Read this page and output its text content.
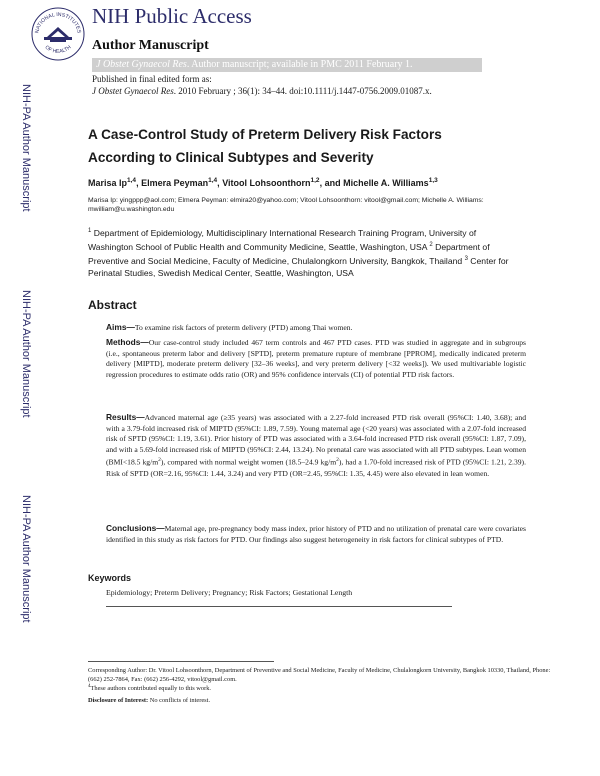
NATIONAL INSTITUTES
OF HEALTH
NIH Public Access
Author Manuscript
J Obstet Gynaecol Res. Author manuscript; available in PMC 2011 February 1.
Published in final edited form as:
J Obstet Gynaecol Res. 2010 February ; 36(1): 34–44. doi:10.1111/j.1447-0756.2009.01087.x.
NIH-PA Author Manuscript
NIH-PA Author Manuscript
NIH-PA Author Manuscript
A Case-Control Study of Preterm Delivery Risk Factors According to Clinical Subtypes and Severity
Marisa Ip$^{1,4}$, Elmera Peyman$^{1,4}$, Vitool Lohsoonthorn$^{1,2}$, and Michelle A. Williams$^{1,3}$
Marisa Ip: yingppp@aol.com; Elmera Peyman: elmira20@yahoo.com; Vitool Lohsoonthorn: vitool@gmail.com; Michelle A. Williams: mwilliam@u.washington.edu
$^1$ Department of Epidemiology, Multidisciplinary International Research Training Program, University of Washington School of Public Health and Community Medicine, Seattle, Washington, USA $^2$ Department of Preventive and Social Medicine, Faculty of Medicine, Chulalongkorn University, Bangkok, Thailand $^3$ Center for Perinatal Studies, Swedish Medical Center, Seattle, Washington, USA
Abstract
Aims—To examine risk factors of preterm delivery (PTD) among Thai women.
Methods—Our case-control study included 467 term controls and 467 PTD cases. PTD was studied in aggregate and in subgroups (i.e., spontaneous preterm labor and delivery [SPTD], preterm premature rupture of membrane [PPROM], medically indicated preterm delivery [MIPTD], moderate preterm delivery [32–36 weeks], and very preterm delivery [<32 weeks]). We used multivariable logistic regression procedures to estimate odds ratio (OR) and 95% confidence intervals (CI) of potential PTD risk factors.
Results—Advanced maternal age (≥35 years) was associated with a 2.27-fold increased PTD risk overall (95%CI: 1.40, 3.68); and with a 3.79-fold increased risk of MIPTD (95%CI: 1.89, 7.59). Young maternal age (<20 years) was associated with a 2.07-fold increased risk of SPTD (95%CI: 1.19, 3.61). Prior history of PTD was associated with a 3.64-fold increased PTD risk overall (95%CI: 1.87, 7.09), and with a 5.69-fold increased risk of MIPTD (95%CI: 2.44, 13.24). No prenatal care was associated with all PTD subtypes. Lean women (BMI<18.5 $kg/m^2$), compared with normal weight women (18.5–24.9 $kg/m^2$), had a 1.70-fold increased risk of PTD (95%CI: 1.21, 2.39). Risk of SPTD (OR=2.16, 95%CI: 1.44, 3.24) and very PTD (OR=2.45, 95%CI: 1.35, 4.45) were also elevated in lean women.
Conclusions—Maternal age, pre-pregnancy body mass index, prior history of PTD and no utilization of prenatal care were covariates identified in this study as risk factors for PTD. Our findings also suggest heterogeneity in risk factors for clinical subtypes of PTD.
Keywords
Epidemiology; Preterm Delivery; Pregnancy; Risk Factors; Gestational Length
Corresponding Author: Dr. Vitool Lohsoonthorn, Department of Preventive and Social Medicine, Faculty of Medicine, Chulalongkorn University, Bangkok 10330, Thailand, Phone: (662) 252-7864, Fax: (662) 256-4292, vitool@gmail.com.
$^4$These authors contributed equally to this work.
Disclosure of Interest: No conflicts of interest.
